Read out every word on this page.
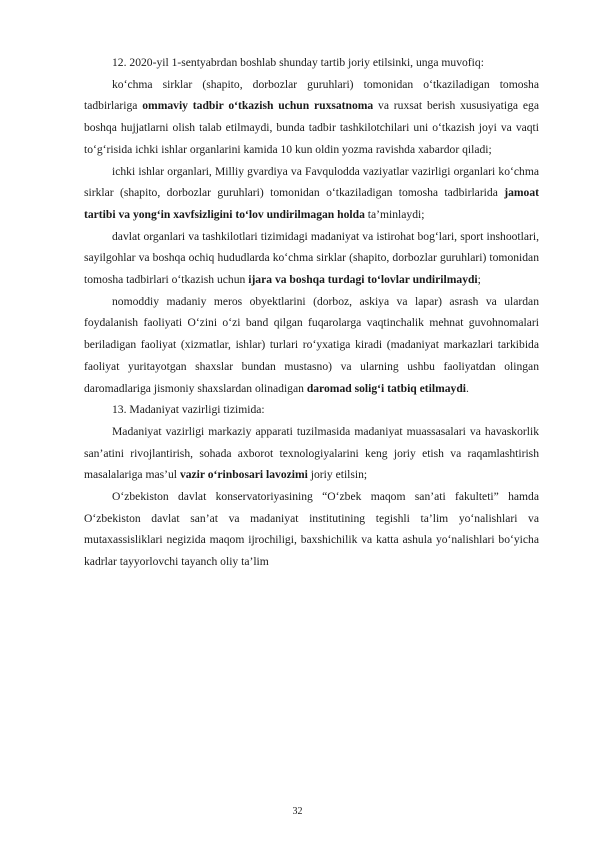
12. 2020-yil 1-sentyabrdan boshlab shunday tartib joriy etilsinki, unga muvofiq:

ko‘chma sirklar (shapito, dorbozlar guruhlari) tomonidan o‘tkaziladigan tomosha tadbirlariga ommaviy tadbir o‘tkazish uchun ruxsatnoma va ruxsat berish xususiyatiga ega boshqa hujjatlarni olish talab etilmaydi, bunda tadbir tashkilotchilari uni o‘tkazish joyi va vaqti to‘g‘risida ichki ishlar organlarini kamida 10 kun oldin yozma ravishda xabardor qiladi;

ichki ishlar organlari, Milliy gvardiya va Favqulodda vaziyatlar vazirligi organlari ko‘chma sirklar (shapito, dorbozlar guruhlari) tomonidan o‘tkaziladigan tomosha tadbirlarida jamoat tartibi va yong‘in xavfsizligini to‘lov undirilmagan holda ta’minlaydi;

davlat organlari va tashkilotlari tizimidagi madaniyat va istirohat bog‘lari, sport inshootlari, sayilgohlar va boshqa ochiq hududlarda ko‘chma sirklar (shapito, dorbozlar guruhlari) tomonidan tomosha tadbirlari o‘tkazish uchun ijara va boshqa turdagi to‘lovlar undirilmaydi;

nomoddiy madaniy meros obyektlarini (dorboz, askiya va lapar) asrash va ulardan foydalanish faoliyati O‘zini o‘zi band qilgan fuqarolarga vaqtinchalik mehnat guvohnomalari beriladigan faoliyat (xizmatlar, ishlar) turlari ro‘yxatiga kiradi (madaniyat markazlari tarkibida faoliyat yuritayotgan shaxslar bundan mustasno) va ularning ushbu faoliyatdan olingan daromadlariga jismoniy shaxslardan olinadigan daromad solig‘i tatbiq etilmaydi.

13. Madaniyat vazirligi tizimida:

Madaniyat vazirligi markaziy apparati tuzilmasida madaniyat muassasalari va havaskorlik san’atini rivojlantirish, sohada axborot texnologiyalarini keng joriy etish va raqamlashtirish masalalariga mas’ul vazir o‘rinbosari lavozimi joriy etilsin;

O‘zbekiston davlat konservatoriyasining “O‘zbek maqom san’ati fakulteti” hamda O‘zbekiston davlat san’at va madaniyat institutining tegishli ta’lim yo‘nalishlari va mutaxassisliklari negizida maqom ijrochiligi, baxshichilik va katta ashula yo‘nalishlari bo‘yicha kadrlar tayyorlovchi tayanch oliy ta’lim

32
